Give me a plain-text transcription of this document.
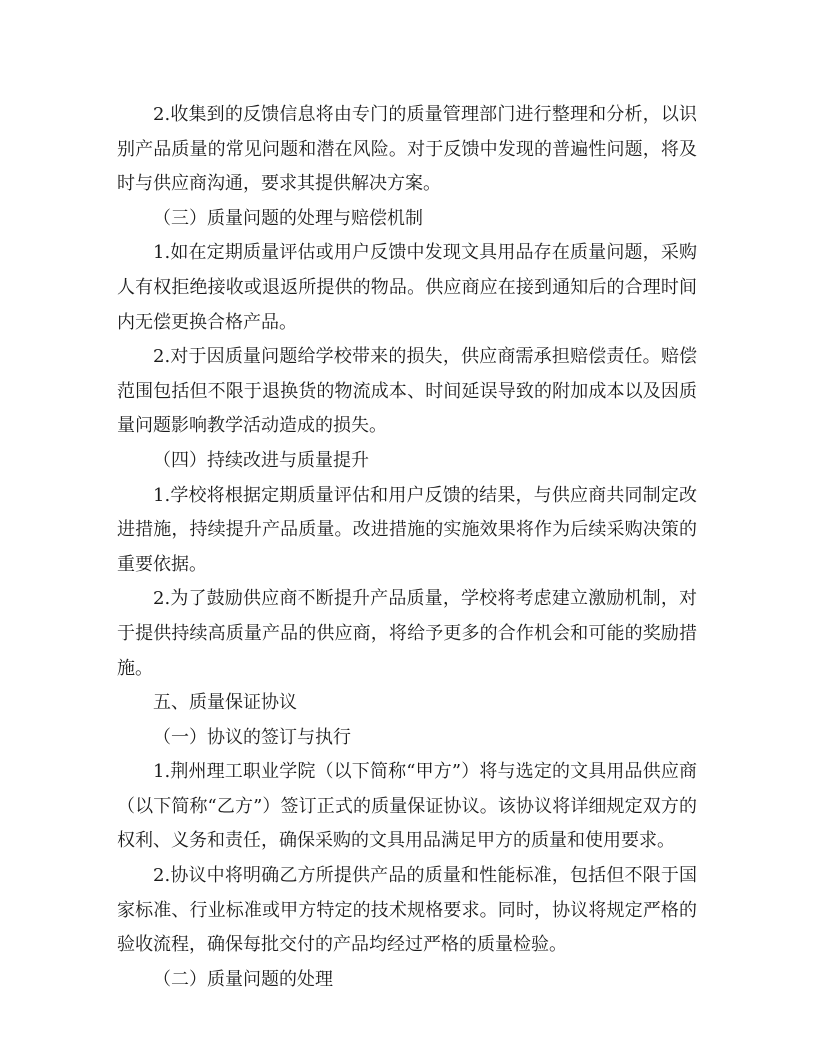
2.收集到的反馈信息将由专门的质量管理部门进行整理和分析，以识别产品质量的常见问题和潜在风险。对于反馈中发现的普遍性问题，将及时与供应商沟通，要求其提供解决方案。

（三）质量问题的处理与赔偿机制

1.如在定期质量评估或用户反馈中发现文具用品存在质量问题，采购人有权拒绝接收或退返所提供的物品。供应商应在接到通知后的合理时间内无偿更换合格产品。

2.对于因质量问题给学校带来的损失，供应商需承担赔偿责任。赔偿范围包括但不限于退换货的物流成本、时间延误导致的附加成本以及因质量问题影响教学活动造成的损失。

（四）持续改进与质量提升

1.学校将根据定期质量评估和用户反馈的结果，与供应商共同制定改进措施，持续提升产品质量。改进措施的实施效果将作为后续采购决策的重要依据。

2.为了鼓励供应商不断提升产品质量，学校将考虑建立激励机制，对于提供持续高质量产品的供应商，将给予更多的合作机会和可能的奖励措施。

五、质量保证协议

（一）协议的签订与执行

1.荆州理工职业学院（以下简称“甲方”）将与选定的文具用品供应商（以下简称“乙方”）签订正式的质量保证协议。该协议将详细规定双方的权利、义务和责任，确保采购的文具用品满足甲方的质量和使用要求。

2.协议中将明确乙方所提供产品的质量和性能标准，包括但不限于国家标准、行业标准或甲方特定的技术规格要求。同时，协议将规定严格的验收流程，确保每批交付的产品均经过严格的质量检验。

（二）质量问题的处理
